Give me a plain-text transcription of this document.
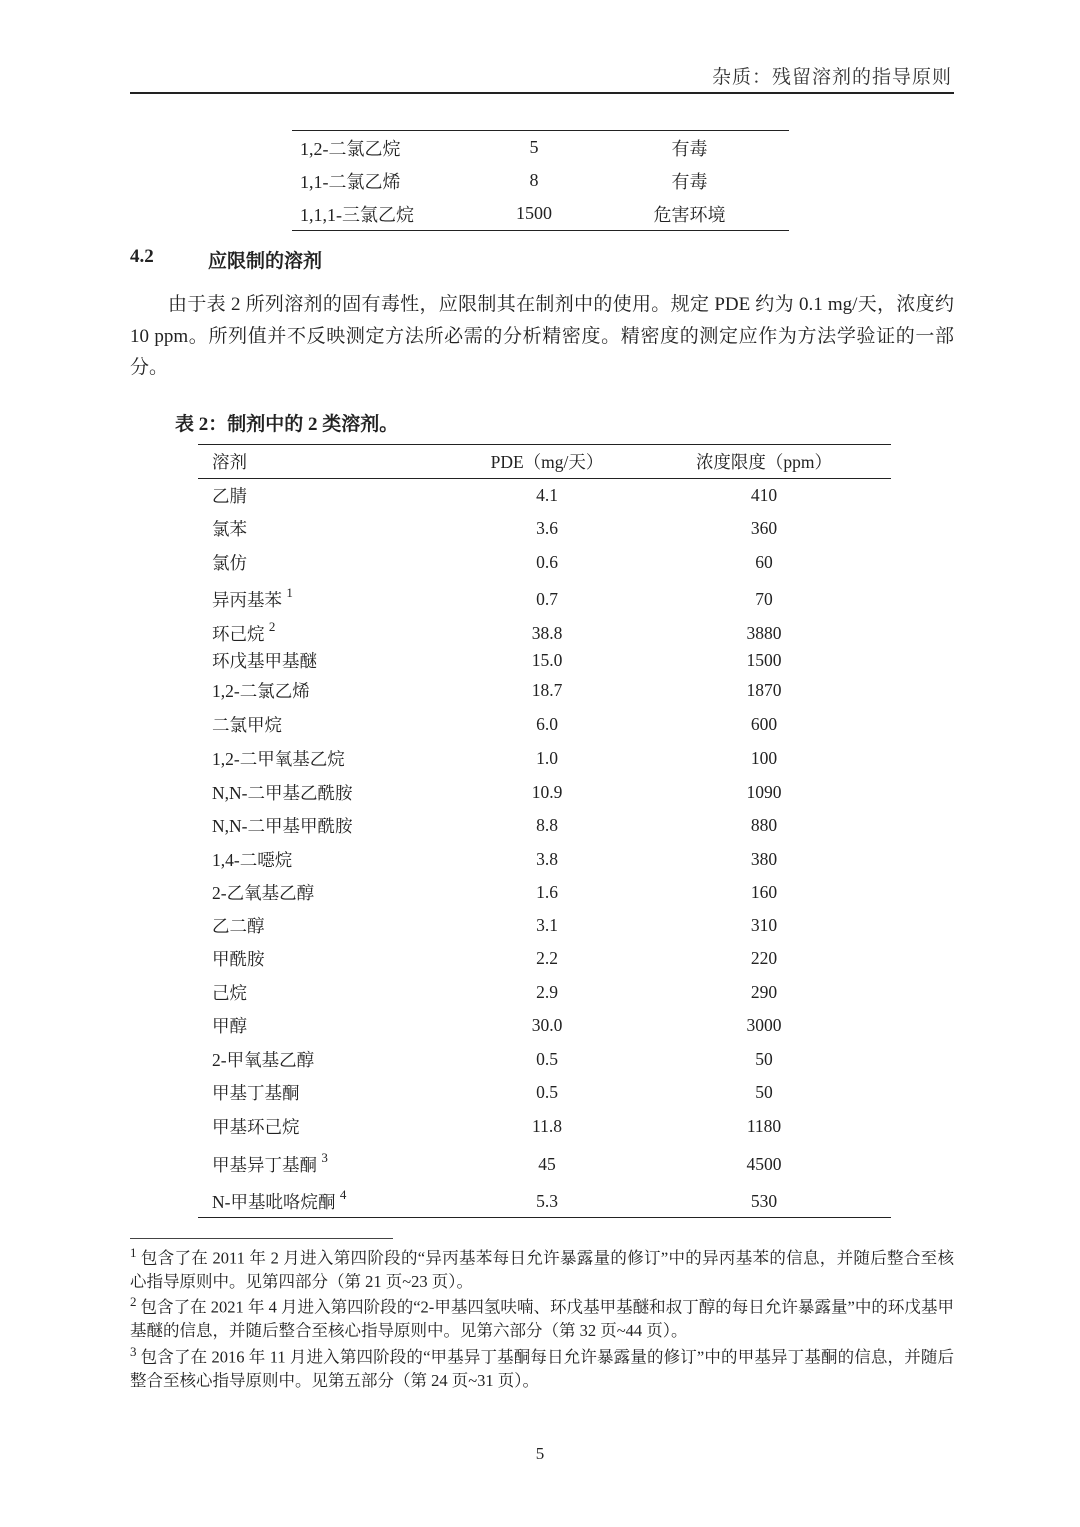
杂质：残留溶剂的指导原则
1,2-二氯乙烷	5	有毒
1,1-二氯乙烯	8	有毒
1,1,1-三氯乙烷	1500	危害环境
4.2	应限制的溶剂
由于表 2 所列溶剂的固有毒性，应限制其在制剂中的使用。规定 PDE 约为 0.1 mg/天，浓度约 10 ppm。所列值并不反映测定方法所必需的分析精密度。精密度的测定应作为方法学验证的一部分。
表 2：制剂中的 2 类溶剂。
溶剂	PDE（mg/天）	浓度限度（ppm）
乙腈	4.1	410
氯苯	3.6	360
氯仿	0.6	60
异丙基苯 $^1$	0.7	70
环己烷 $^2$	38.8	3880
环戊基甲基醚	15.0	1500
1,2-二氯乙烯	18.7	1870
二氯甲烷	6.0	600
1,2-二甲氧基乙烷	1.0	100
N,N-二甲基乙酰胺	10.9	1090
N,N-二甲基甲酰胺	8.8	880
1,4-二噁烷	3.8	380
2-乙氧基乙醇	1.6	160
乙二醇	3.1	310
甲酰胺	2.2	220
己烷	2.9	290
甲醇	30.0	3000
2-甲氧基乙醇	0.5	50
甲基丁基酮	0.5	50
甲基环己烷	11.8	1180
甲基异丁基酮 $^3$	45	4500
N-甲基吡咯烷酮 $^4$	5.3	530

$^1$ 包含了在 2011 年 2 月进入第四阶段的“异丙基苯每日允许暴露量的修订”中的异丙基苯的信息，并随后整合至核心指导原则中。见第四部分（第 21 页~23 页）。

$^2$ 包含了在 2021 年 4 月进入第四阶段的“2-甲基四氢呋喃、环戊基甲基醚和叔丁醇的每日允许暴露量”中的环戊基甲基醚的信息，并随后整合至核心指导原则中。见第六部分（第 32 页~44 页）。

$^3$ 包含了在 2016 年 11 月进入第四阶段的“甲基异丁基酮每日允许暴露量的修订”中的甲基异丁基酮的信息，并随后整合至核心指导原则中。见第五部分（第 24 页~31 页）。

5
